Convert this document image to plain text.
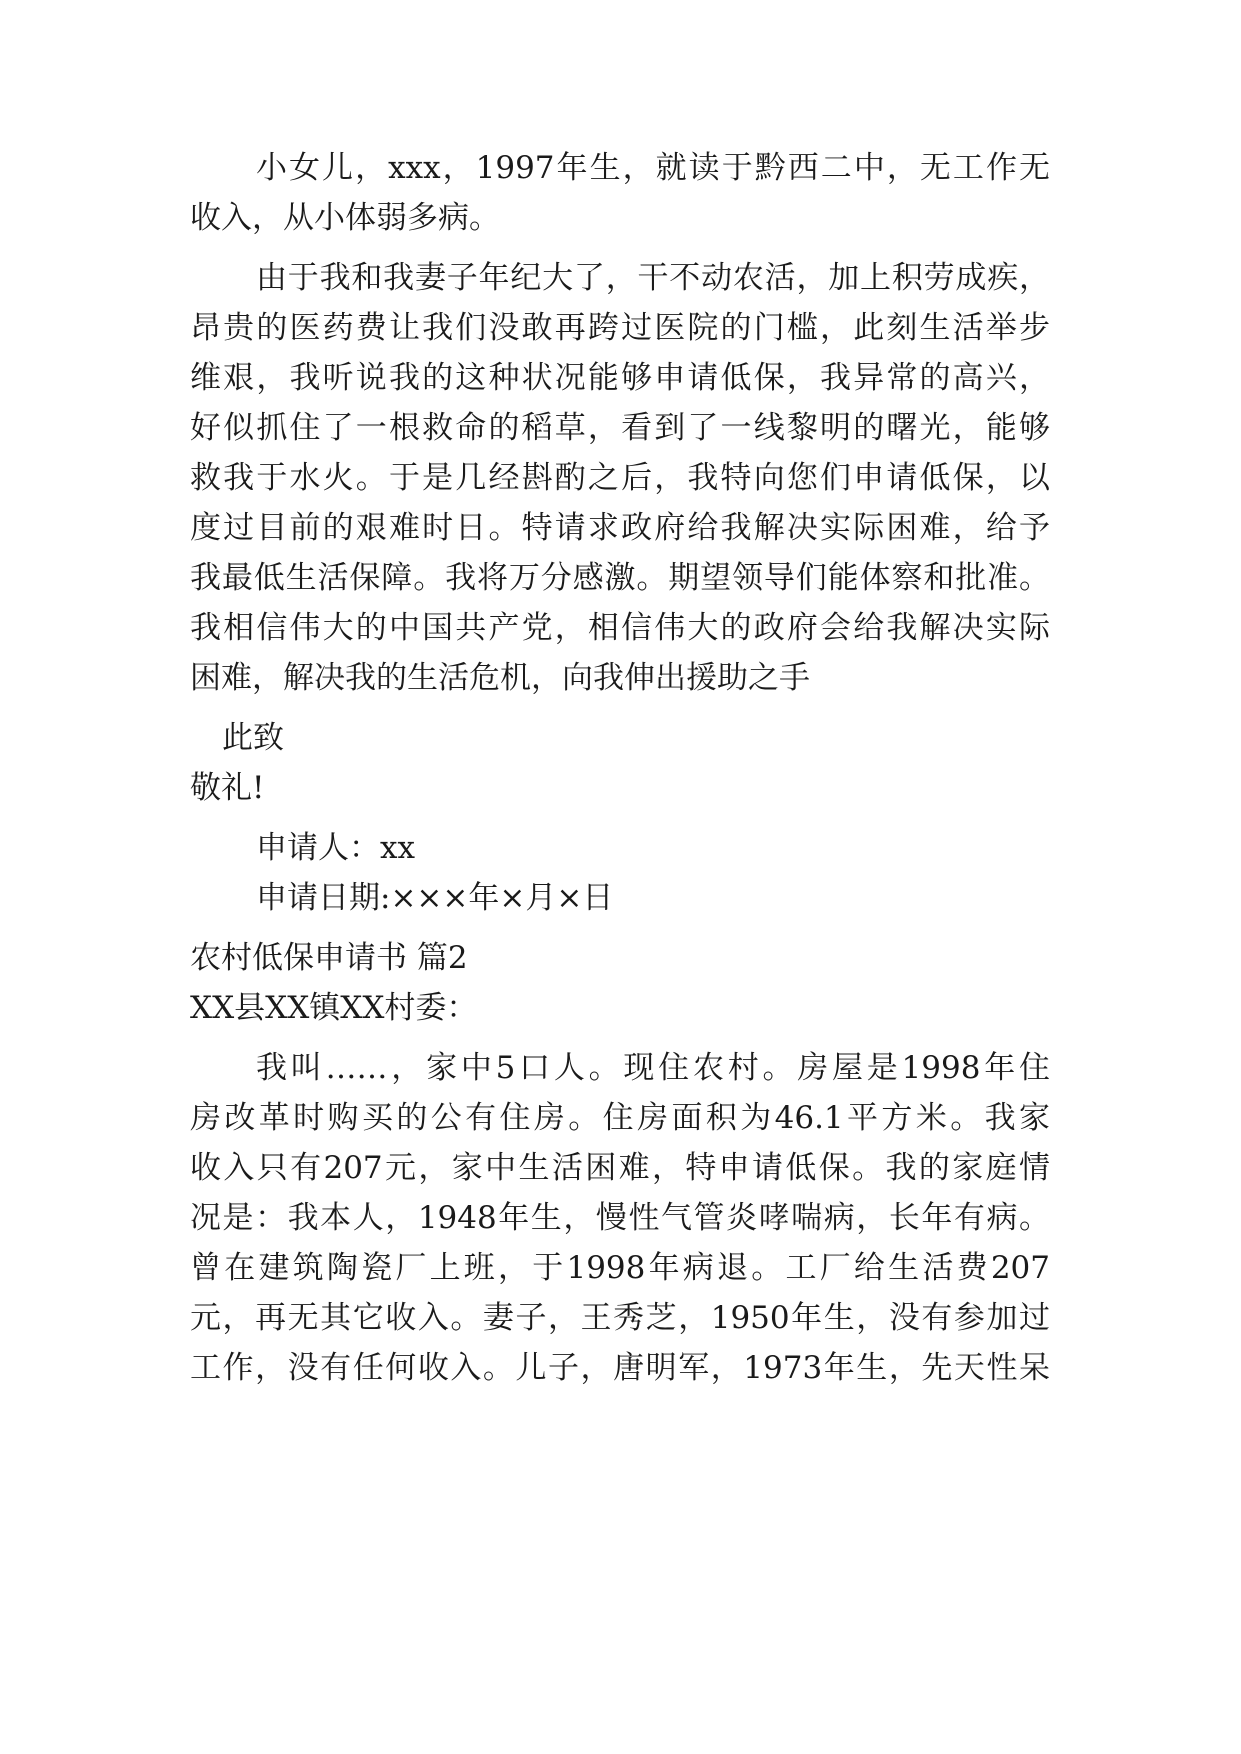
小女儿，xxx，1997年生，就读于黔西二中，无工作无
收入，从小体弱多病。
由于我和我妻子年纪大了，干不动农活，加上积劳成疾，
昂贵的医药费让我们没敢再跨过医院的门槛，此刻生活举步
维艰，我听说我的这种状况能够申请低保，我异常的高兴，
好似抓住了一根救命的稻草，看到了一线黎明的曙光，能够
救我于水火。于是几经斟酌之后，我特向您们申请低保，以
度过目前的艰难时日。特请求政府给我解决实际困难，给予
我最低生活保障。我将万分感激。期望领导们能体察和批准。
我相信伟大的中国共产党，相信伟大的政府会给我解决实际
困难，解决我的生活危机，向我伸出援助之手
此致
敬礼!
申请人：xx
申请日期:×××年×月×日
农村低保申请书 篇2
XX县XX镇XX村委：
我叫……，家中5口人。现住农村。房屋是1998年住
房改革时购买的公有住房。住房面积为46.1平方米。我家
收入只有207元，家中生活困难，特申请低保。我的家庭情
况是：我本人，1948年生，慢性气管炎哮喘病，长年有病。
曾在建筑陶瓷厂上班，于1998年病退。工厂给生活费207
元，再无其它收入。妻子，王秀芝，1950年生，没有参加过
工作，没有任何收入。儿子，唐明军，1973年生，先天性呆
